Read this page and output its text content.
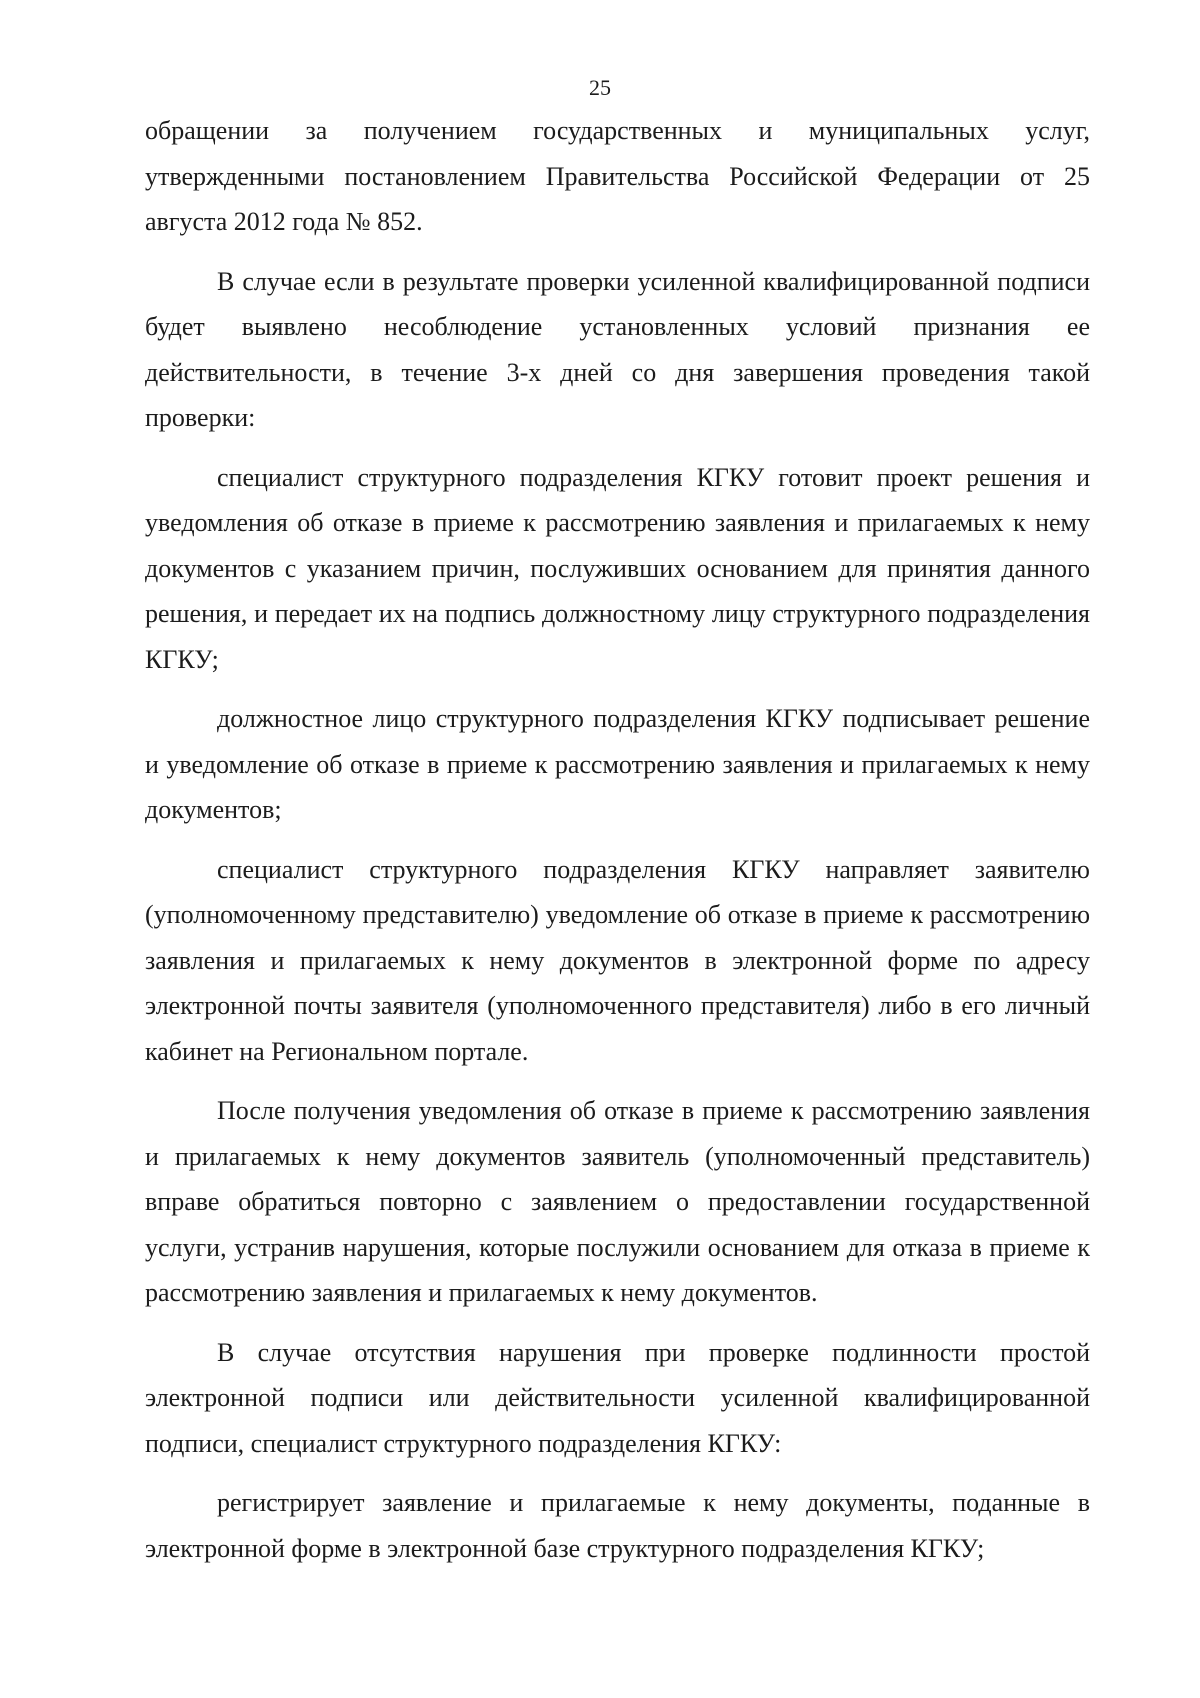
25

обращении за получением государственных и муниципальных услуг, утвержденными постановлением Правительства Российской Федерации от 25 августа 2012 года № 852.

В случае если в результате проверки усиленной квалифицированной подписи будет выявлено несоблюдение установленных условий признания ее действительности, в течение 3-х дней со дня завершения проведения такой проверки:

специалист структурного подразделения КГКУ готовит проект решения и уведомления об отказе в приеме к рассмотрению заявления и прилагаемых к нему документов с указанием причин, послуживших основанием для принятия данного решения, и передает их на подпись должностному лицу структурного подразделения КГКУ;

должностное лицо структурного подразделения КГКУ подписывает решение и уведомление об отказе в приеме к рассмотрению заявления и прилагаемых к нему документов;

специалист структурного подразделения КГКУ направляет заявителю (уполномоченному представителю) уведомление об отказе в приеме к рассмотрению заявления и прилагаемых к нему документов в электронной форме по адресу электронной почты заявителя (уполномоченного представителя) либо в его личный кабинет на Региональном портале.

После получения уведомления об отказе в приеме к рассмотрению заявления и прилагаемых к нему документов заявитель (уполномоченный представитель) вправе обратиться повторно с заявлением о предоставлении государственной услуги, устранив нарушения, которые послужили основанием для отказа в приеме к рассмотрению заявления и прилагаемых к нему документов.

В случае отсутствия нарушения при проверке подлинности простой электронной подписи или действительности усиленной квалифицированной подписи, специалист структурного подразделения КГКУ:

регистрирует заявление и прилагаемые к нему документы, поданные в электронной форме в электронной базе структурного подразделения КГКУ;
